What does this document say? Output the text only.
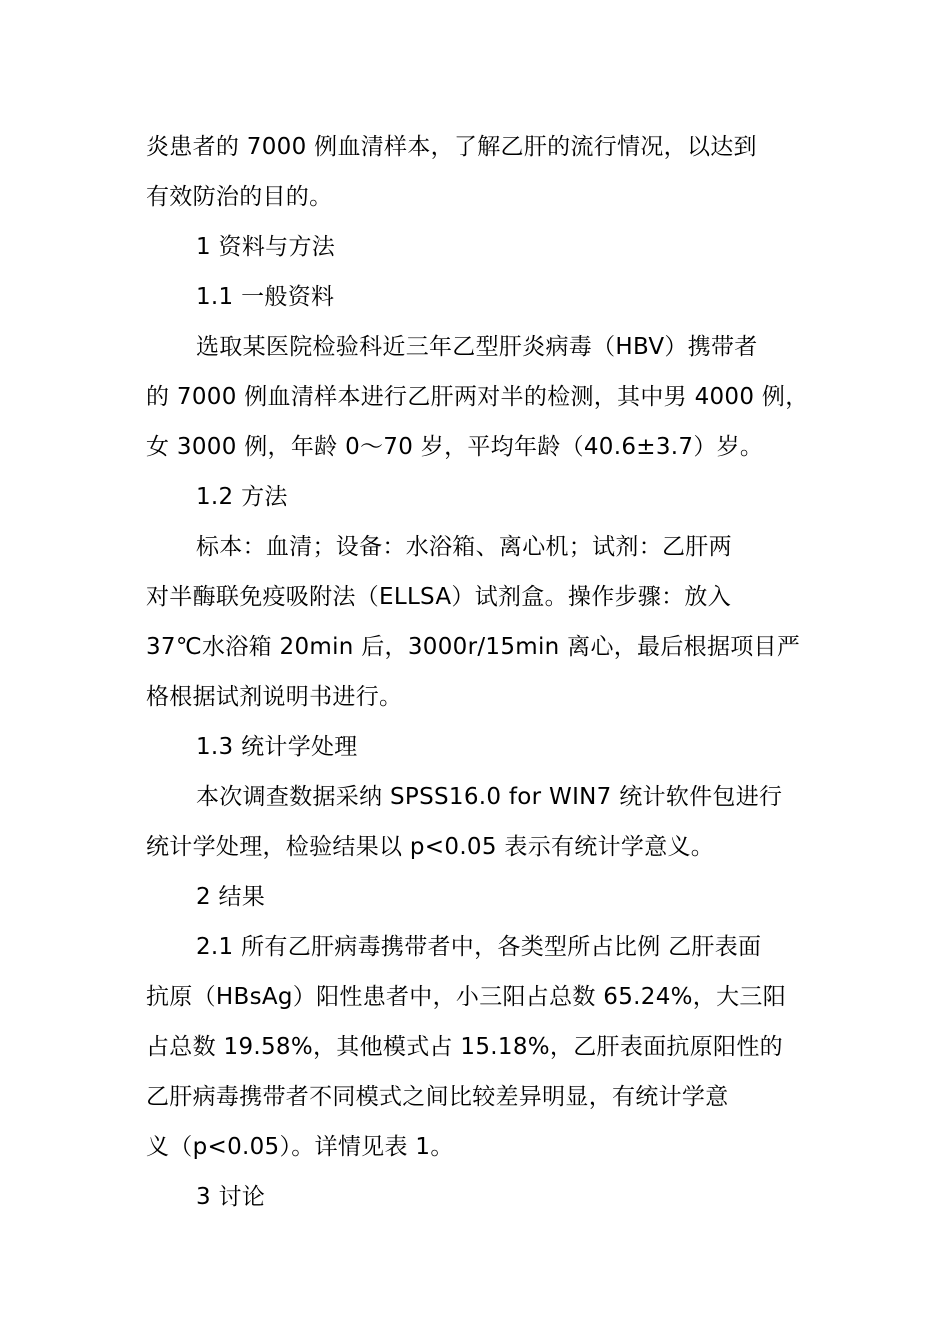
炎患者的 7000 例血清样本，了解乙肝的流行情况，以达到
有效防治的目的。
1 资料与方法
1.1 一般资料
选取某医院检验科近三年乙型肝炎病毒（HBV）携带者
的 7000 例血清样本进行乙肝两对半的检测，其中男 4000 例，
女 3000 例，年龄 0～70 岁，平均年龄（40.6±3.7）岁。
1.2 方法
标本：血清；设备：水浴箱、离心机；试剂：乙肝两
对半酶联免疫吸附法（ELLSA）试剂盒。操作步骤：放入
37℃水浴箱 20min 后，3000r/15min 离心，最后根据项目严
格根据试剂说明书进行。
1.3 统计学处理
本次调查数据采纳 SPSS16.0 for WIN7 统计软件包进行
统计学处理，检验结果以 p<0.05 表示有统计学意义。
2 结果
2.1 所有乙肝病毒携带者中，各类型所占比例 乙肝表面
抗原（HBsAg）阳性患者中，小三阳占总数 65.24%，大三阳
占总数 19.58%，其他模式占 15.18%，乙肝表面抗原阳性的
乙肝病毒携带者不同模式之间比较差异明显，有统计学意
义（p<0.05）。详情见表 1。
3 讨论
